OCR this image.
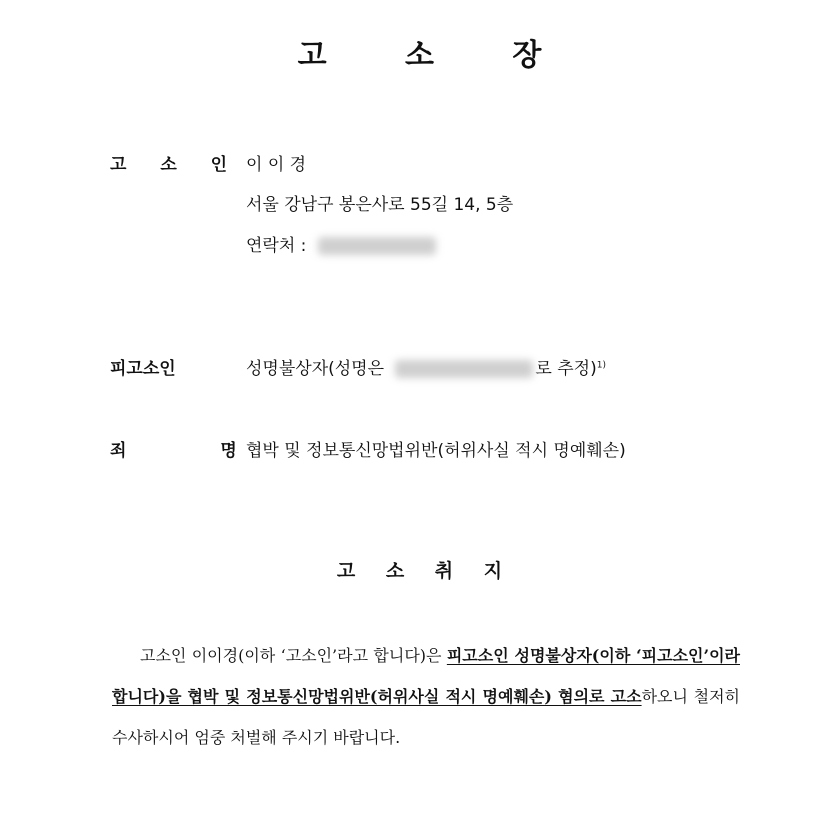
고 소 장
고 소 인 이 이 경
서울 강남구 봉은사로 55길 14, 5층
연락처 :
피고소인	성명불상자(성명은	로 추정)$^{1)}$
죄 명
협박 및 정보통신망법위반(허위사실 적시 명예훼손)
고 소 취 지
고소인 이이경(이하 ‘고소인’라고 합니다)은 피고소인 성명불상자(이하 ‘피고소인’이라 합니다)을 협박 및 정보통신망법위반(허위사실 적시 명예훼손) 혐의로 고소하오니 철저히 수사하시어 엄중 처벌해 주시기 바랍니다.
